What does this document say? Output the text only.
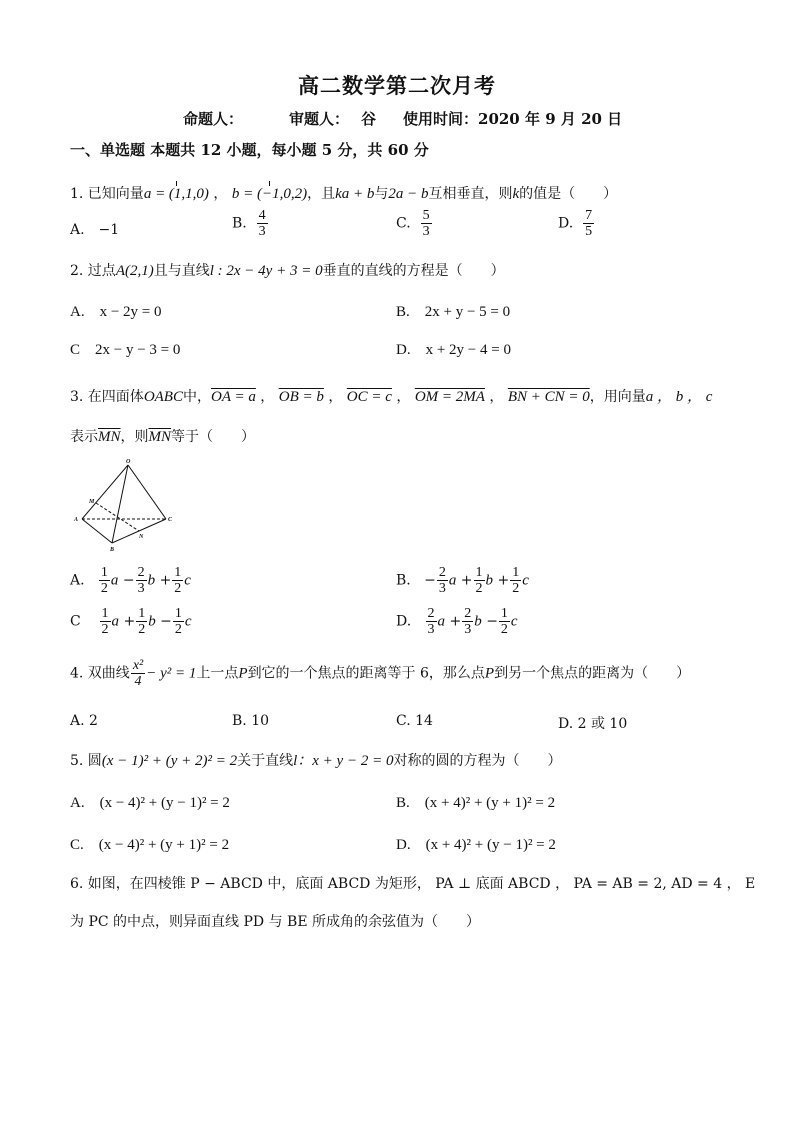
高二数学第二次月考
命题人：	审题人： 谷 使用时间：2020 年 9 月 20 日
一、单选题 本题共 12 小题，每小题 5 分，共 60 分
1. 已知向量a = (1,1,0) ， b = (−1,0,2)，且ka + b与2a − b互相垂直，则k的值是（　　）
A.　−1	B. $\frac{4}{3}$	C. $\frac{5}{3}$	D. $\frac{7}{5}$
2. 过点A(2,1)且与直线l : 2x − 4y + 3 = 0垂直的直线的方程是（　　）
A.　x − 2y = 0	B.　2x + y − 5 = 0
C　2x − y − 3 = 0	D.　x + 2y − 4 = 0
3. 在四面体OABC中，OA = a ， OB = b ， OC = c ， OM = 2MA ， BN + CN = 0，用向量a ， b ， c
表示$\overline{MN}$，则$\overline{MN}$等于（　　）
O
M
A
B
N
C
A. $\frac{1}{2}$ $a - \frac{2}{3}$ $b + \frac{1}{2}$ c	B. − $\frac{2}{3}$ $a + \frac{1}{2}$ $b + \frac{1}{2}$ c
C $\frac{1}{2}$ $a + \frac{1}{2}$ $b - \frac{1}{2}$ c	D. $\frac{2}{3}$ $a + \frac{2}{3}$ $b - \frac{1}{2}$ c
4. 双曲线 $\frac{\text{x²}}{4} - y^2 = 1$上一点P到它的一个焦点的距离等于 6，那么点P到另一个焦点的距离为（　　）
A. 2	B. 10	C. 14	D. 2 或 10
5. 圆(x − 1)² + (y + 2)² = 2关于直线l：x + y − 2 = 0对称的圆的方程为（　　）
A.　(x − 4)² + (y − 1)² = 2	B.　(x + 4)² + (y + 1)² = 2
C.　(x − 4)² + (y + 1)² = 2	D.　(x + 4)² + (y − 1)² = 2
6. 如图，在四棱锥 P − ABCD 中，底面 ABCD 为矩形， PA ⊥ 底面 ABCD ， PA = AB = 2, AD = 4 ， E
为 PC 的中点，则异面直线 PD 与 BE 所成角的余弦值为（　　）
